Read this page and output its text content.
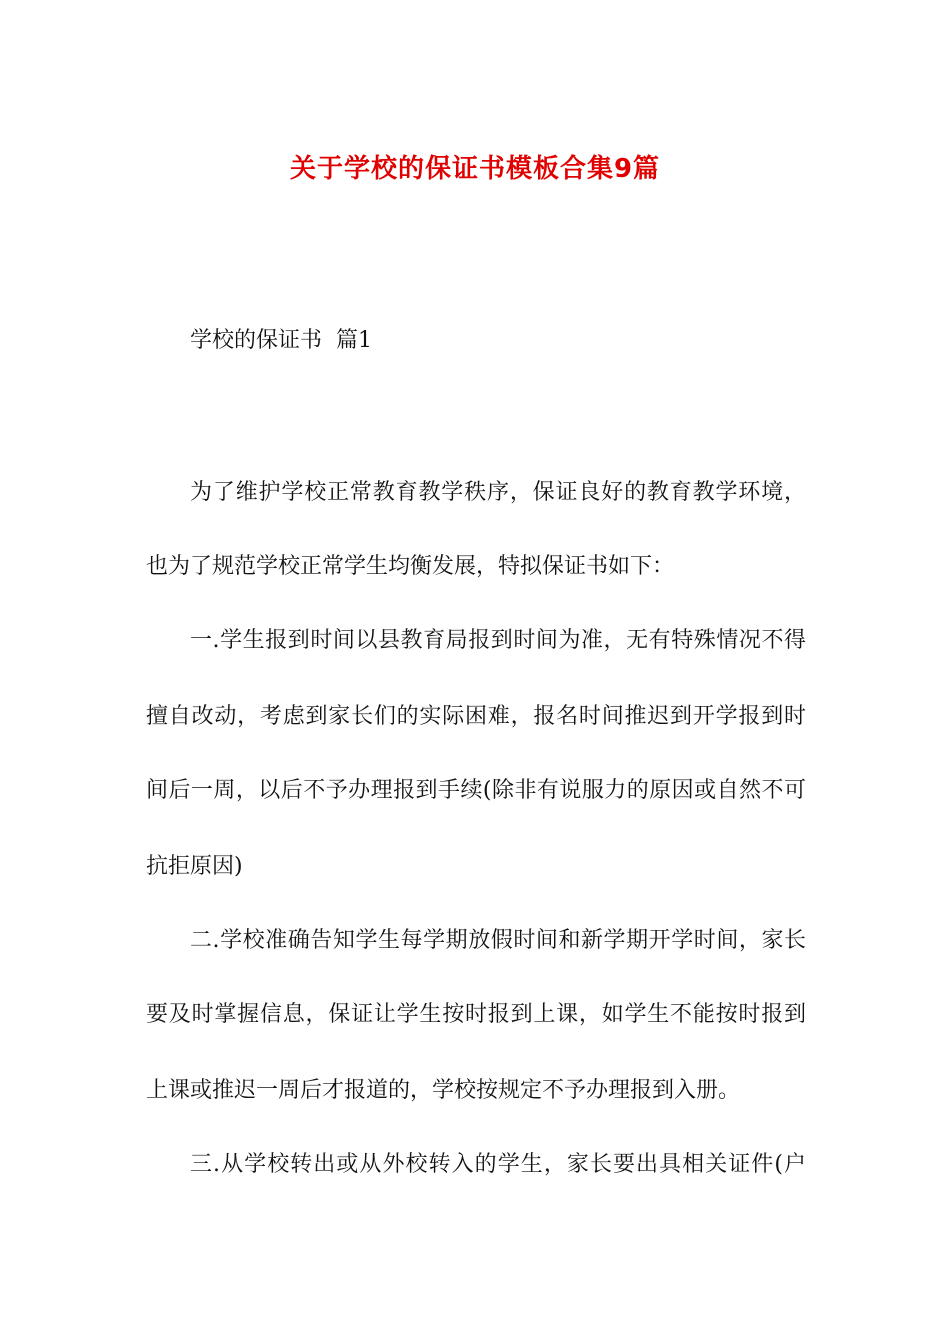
关于学校的保证书模板合集9篇
学校的保证书  篇1
为了维护学校正常教育教学秩序，保证良好的教育教学环境，
也为了规范学校正常学生均衡发展，特拟保证书如下：
一.学生报到时间以县教育局报到时间为准，无有特殊情况不得
擅自改动，考虑到家长们的实际困难，报名时间推迟到开学报到时
间后一周，以后不予办理报到手续(除非有说服力的原因或自然不可
抗拒原因)
二.学校准确告知学生每学期放假时间和新学期开学时间，家长
要及时掌握信息，保证让学生按时报到上课，如学生不能按时报到
上课或推迟一周后才报道的，学校按规定不予办理报到入册。
三.从学校转出或从外校转入的学生，家长要出具相关证件(户
